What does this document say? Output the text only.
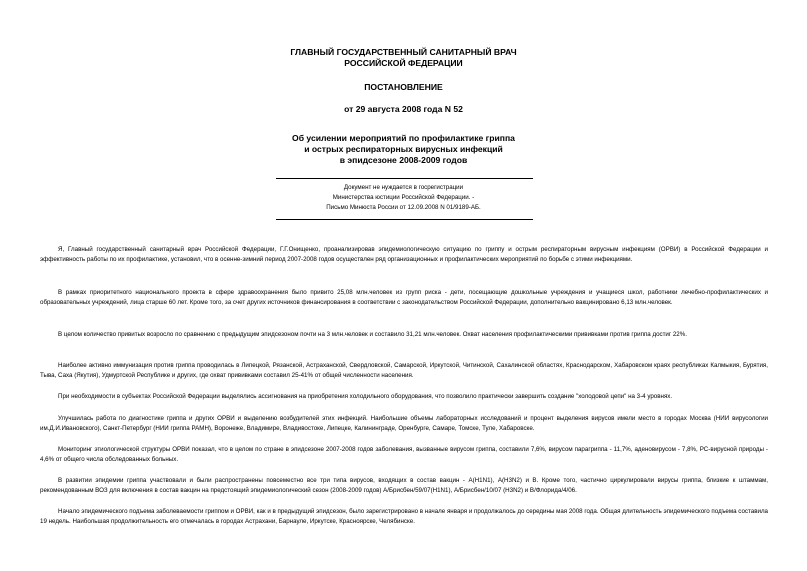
ГЛАВНЫЙ ГОСУДАРСТВЕННЫЙ САНИТАРНЫЙ ВРАЧ
РОССИЙСКОЙ ФЕДЕРАЦИИ
ПОСТАНОВЛЕНИЕ
от 29 августа 2008 года N 52
Об усилении мероприятий по профилактике гриппа
и острых респираторных вирусных инфекций
в эпидсезоне 2008-2009 годов
Документ не нуждается в госрегистрации
Министерства юстиции Российской Федерации. -
Письмо Минюста России от 12.09.2008 N 01/9189-АБ.

Я, Главный государственный санитарный врач Российской Федерации, Г.Г.Онищенко, проанализировав эпидемиологическую ситуацию по гриппу и острым респираторным вирусным инфекциям (ОРВИ) в Российской Федерации и эффективность работы по их профилактике, установил, что в осенне-зимний период 2007-2008 годов осуществлен ряд организационных и профилактических мероприятий по борьбе с этими инфекциями.

В рамках приоритетного национального проекта в сфере здравоохранения было привито 25,08 млн.человек из групп риска - дети, посещающие дошкольные учреждения и учащиеся школ, работники лечебно-профилактических и образовательных учреждений, лица старше 60 лет. Кроме того, за счет других источников финансирования в соответствии с законодательством Российской Федерации, дополнительно вакцинировано 6,13 млн.человек.

В целом количество привитых возросло по сравнению с предыдущим эпидсезоном почти на 3 млн.человек и составило 31,21 млн.человек. Охват населения профилактическими прививками против гриппа достиг 22%.

Наиболее активно иммунизация против гриппа проводилась в Липецкой, Рязанской, Астраханской, Свердловской, Самарской, Иркутской, Читинской, Сахалинской областях, Краснодарском, Хабаровском краях республиках Калмыкия, Бурятия, Тыва, Саха (Якутия), Удмуртской Республике и других, где охват прививками составил 25-41% от общей численности населения.

При необходимости в субъектах Российской Федерации выделялись ассигнования на приобретения холодильного оборудования, что позволило практически завершить создание "холодовой цепи" на 3-4 уровнях.

Улучшилась работа по диагностике гриппа и других ОРВИ и выделению возбудителей этих инфекций. Наибольшие объемы лабораторных исследований и процент выделения вирусов имели место в городах Москва (НИИ вирусологии им.Д.И.Ивановского), Санкт-Петербург (НИИ гриппа РАМН), Воронеже, Владимире, Владивостоке, Липецке, Калининграде, Оренбурге, Самаре, Томске, Туле, Хабаровске.

Мониторинг этиологической структуры ОРВИ показал, что в целом по стране в эпидсезоне 2007-2008 годов заболевания, вызванные вирусом гриппа, составили 7,6%, вирусом парагриппа - 11,7%, аденовирусом - 7,8%, РС-вирусной природы - 4,6% от общего числа обследованных больных.

В развитии эпидемии гриппа участвовали и были распространены повсеместно все три типа вирусов, входящих в состав вакцин - А(H1N1), А(H3N2) и В. Кроме того, частично циркулировали вирусы гриппа, близкие к штаммам, рекомендованным ВОЗ для включения в состав вакцин на предстоящий эпидемиологический сезон (2008-2009 годов) А/Брисбен/59/07(H1N1), А/Брисбен/10/07 (H3N2) и В/Флорида/4/06.

Начало эпидемического подъема заболеваемости гриппом и ОРВИ, как и в предыдущий эпидсезон, было зарегистрировано в начале января и продолжалось до середины мая 2008 года. Общая длительность эпидемического подъема составила 19 недель. Наибольшая продолжительность его отмечалась в городах Астрахани, Барнауле, Иркутске, Красноярске, Челябинске.
